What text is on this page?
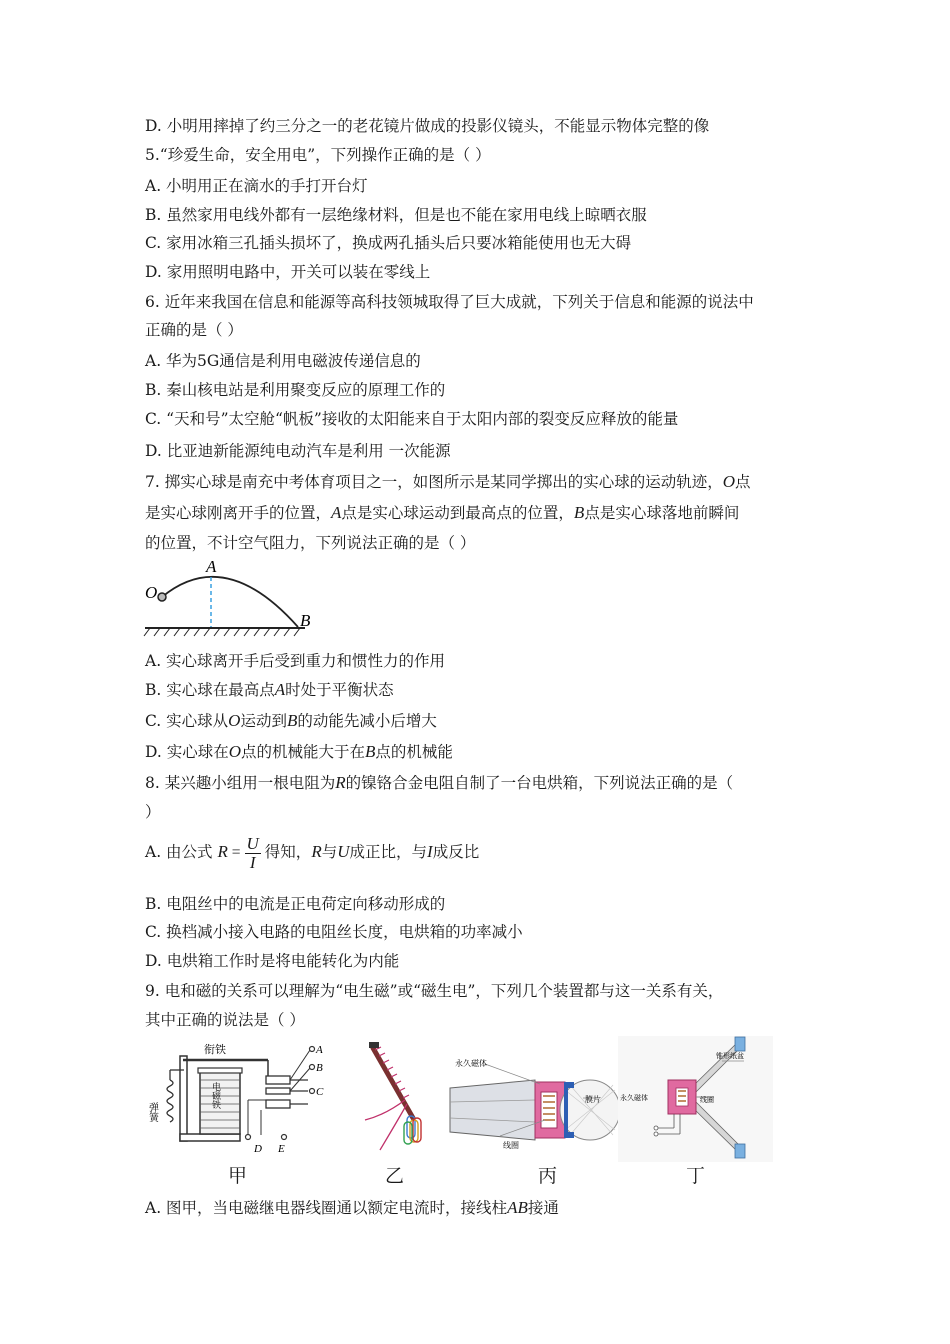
D. 小明用摔掉了约三分之一的老花镜片做成的投影仪镜头，不能显示物体完整的像
5.“珍爱生命，安全用电”，下列操作正确的是（ ）
A. 小明用正在滴水的手打开台灯
B. 虽然家用电线外都有一层绝缘材料，但是也不能在家用电线上晾晒衣服
C. 家用冰箱三孔插头损坏了，换成两孔插头后只要冰箱能使用也无大碍
D. 家用照明电路中，开关可以装在零线上
6. 近年来我国在信息和能源等高科技领城取得了巨大成就，下列关于信息和能源的说法中
正确的是（ ）
A. 华为5G通信是利用电磁波传递信息的
B. 秦山核电站是利用聚变反应的原理工作的
C. “天和号”太空舱“帆板”接收的太阳能来自于太阳内部的裂变反应释放的能量
D. 比亚迪新能源纯电动汽车是利用 一次能源
7. 掷实心球是南充中考体育项目之一，如图所示是某同学掷出的实心球的运动轨迹，O点
是实心球刚离开手的位置，A点是实心球运动到最高点的位置，B点是实心球落地前瞬间
的位置，不计空气阻力，下列说法正确的是（ ）
O
A
B
A. 实心球离开手后受到重力和惯性力的作用
B. 实心球在最高点A时处于平衡状态
C. 实心球从O运动到B的动能先减小后增大
D. 实心球在O点的机械能大于在B点的机械能
8. 某兴趣小组用一根电阻为R的镍铬合金电阻自制了一台电烘箱，下列说法正确的是（
）
A. 由公式 $R = \frac{U}{I}$ 得知，R与U成正比，与I成反比
B. 电阻丝中的电流是正电荷定向移动形成的
C. 换档减小接入电路的电阻丝长度，电烘箱的功率减小
D. 电烘箱工作时是将电能转化为内能
9. 电和磁的关系可以理解为“电生磁”或“磁生电”，下列几个装置都与这一关系有关，
其中正确的说法是（ ）
衔铁
弹簧
电磁铁
A
B
C
D E
永久磁体
膜片
线圈
锥形纸盆
永久磁体	线圈
甲	乙	丙	丁
A. 图甲，当电磁继电器线圈通以额定电流时，接线柱AB接通
